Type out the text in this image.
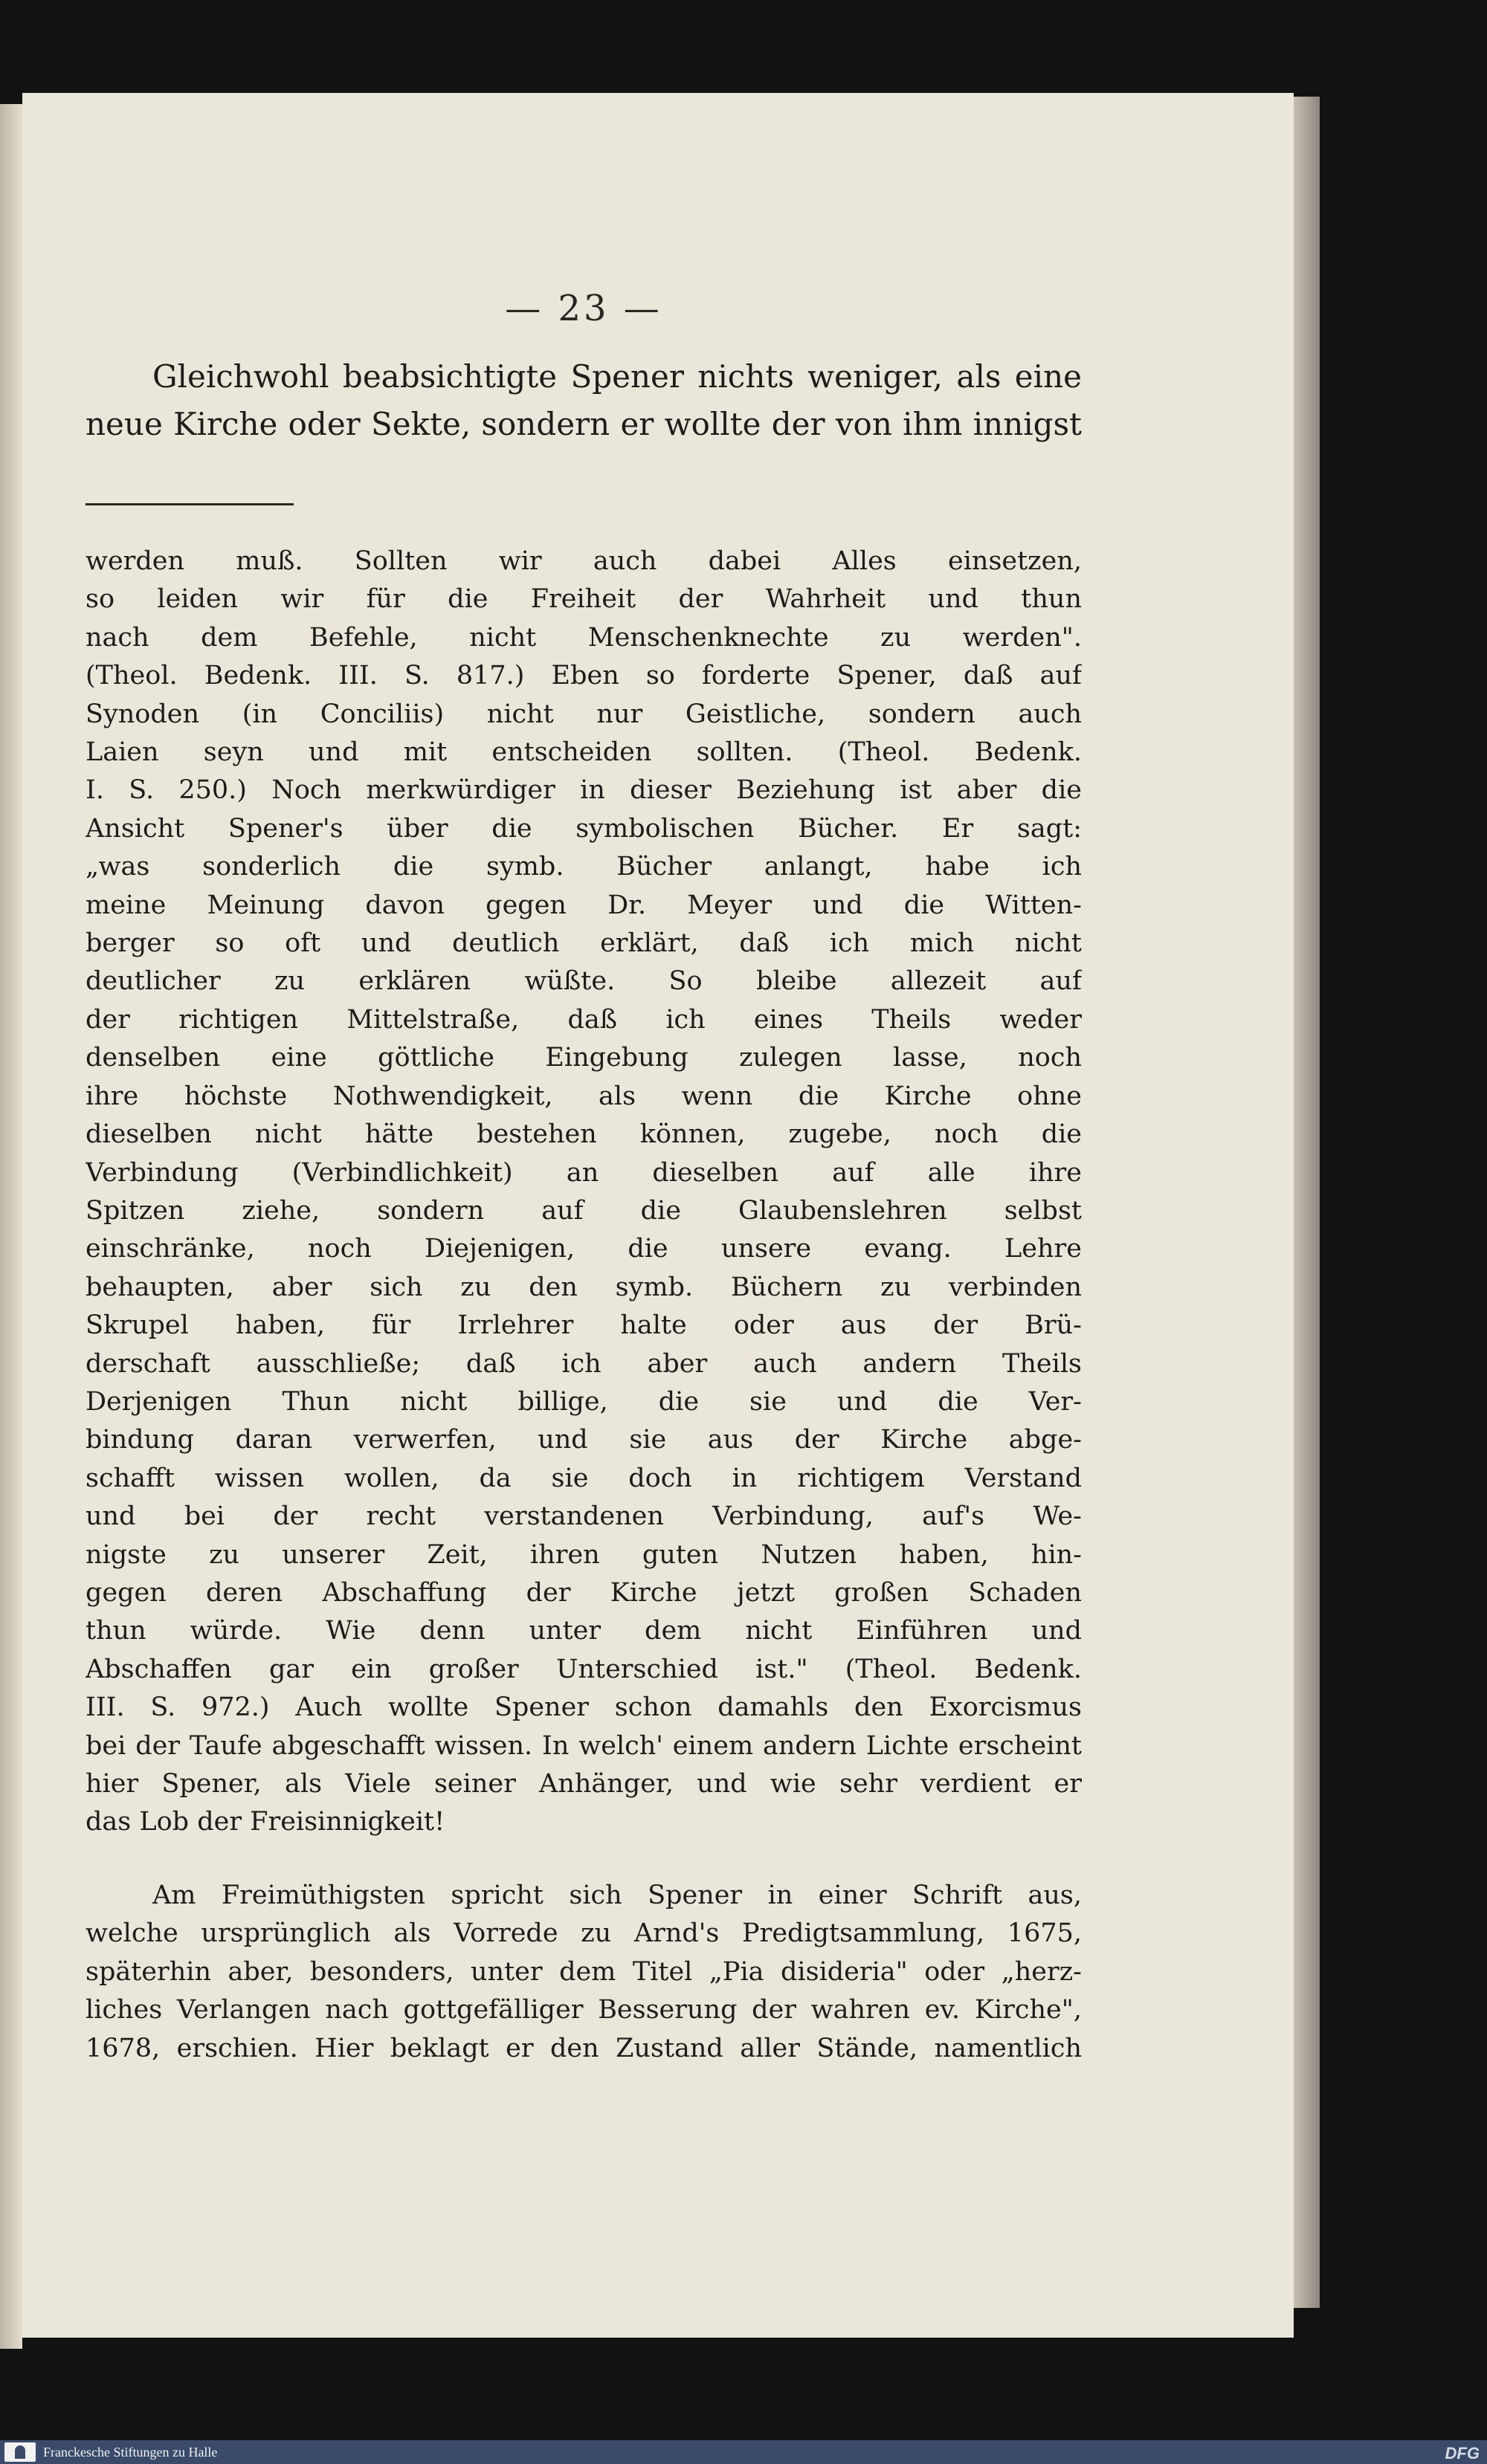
— 23 —
Gleichwohl beabsichtigte Spener nichts weniger, als eine
neue Kirche oder Sekte, sondern er wollte der von ihm innigst
werden muß. Sollten wir auch dabei Alles einsetzen,
so leiden wir für die Freiheit der Wahrheit und thun
nach dem Befehle, nicht Menschenknechte zu werden".
(Theol. Bedenk. III. S. 817.) Eben so forderte Spener, daß auf
Synoden (in Conciliis) nicht nur Geistliche, sondern auch
Laien seyn und mit entscheiden sollten. (Theol. Bedenk.
I. S. 250.) Noch merkwürdiger in dieser Beziehung ist aber die
Ansicht Spener's über die symbolischen Bücher. Er sagt:
„was sonderlich die symb. Bücher anlangt, habe ich
meine Meinung davon gegen Dr. Meyer und die Witten-
berger so oft und deutlich erklärt, daß ich mich nicht
deutlicher zu erklären wüßte. So bleibe allezeit auf
der richtigen Mittelstraße, daß ich eines Theils weder
denselben eine göttliche Eingebung zulegen lasse, noch
ihre höchste Nothwendigkeit, als wenn die Kirche ohne
dieselben nicht hätte bestehen können, zugebe, noch die
Verbindung (Verbindlichkeit) an dieselben auf alle ihre
Spitzen ziehe, sondern auf die Glaubenslehren selbst
einschränke, noch Diejenigen, die unsere evang. Lehre
behaupten, aber sich zu den symb. Büchern zu verbinden
Skrupel haben, für Irrlehrer halte oder aus der Brü-
derschaft ausschließe; daß ich aber auch andern Theils
Derjenigen Thun nicht billige, die sie und die Ver-
bindung daran verwerfen, und sie aus der Kirche abge-
schafft wissen wollen, da sie doch in richtigem Verstand
und bei der recht verstandenen Verbindung, auf's We-
nigste zu unserer Zeit, ihren guten Nutzen haben, hin-
gegen deren Abschaffung der Kirche jetzt großen Schaden
thun würde. Wie denn unter dem nicht Einführen und
Abschaffen gar ein großer Unterschied ist." (Theol. Bedenk.
III. S. 972.) Auch wollte Spener schon damahls den Exorcismus
bei der Taufe abgeschafft wissen. In welch' einem andern Lichte erscheint
hier Spener, als Viele seiner Anhänger, und wie sehr verdient er
das Lob der Freisinnigkeit!
Am Freimüthigsten spricht sich Spener in einer Schrift aus,
welche ursprünglich als Vorrede zu Arnd's Predigtsammlung, 1675,
späterhin aber, besonders, unter dem Titel „Pia disideria" oder „herz-
liches Verlangen nach gottgefälliger Besserung der wahren ev. Kirche",
1678, erschien. Hier beklagt er den Zustand aller Stände, namentlich
Franckesche Stiftungen zu Halle	DFG
